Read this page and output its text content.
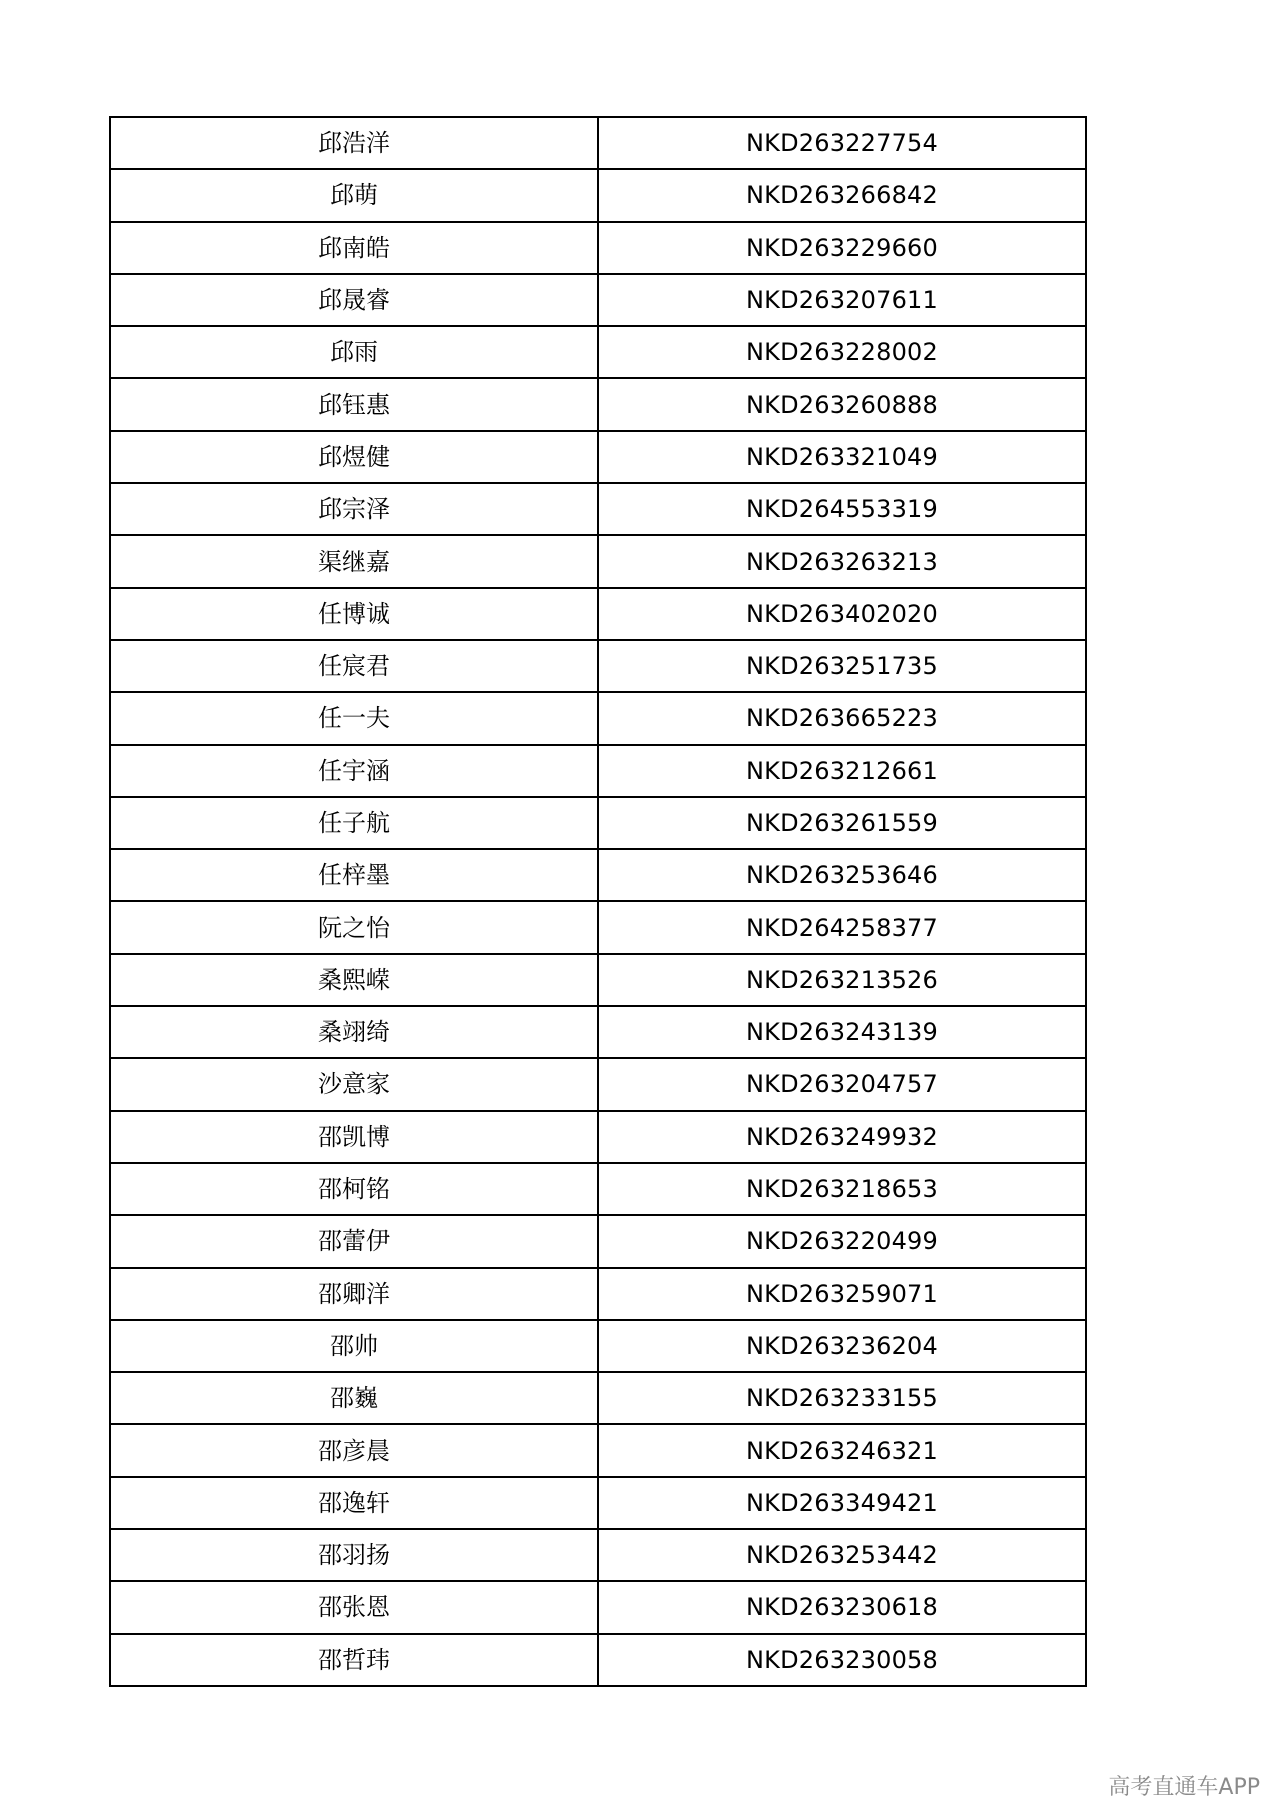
邱浩洋	NKD263227754
邱萌	NKD263266842
邱南皓	NKD263229660
邱晟睿	NKD263207611
邱雨	NKD263228002
邱钰惠	NKD263260888
邱煜健	NKD263321049
邱宗泽	NKD264553319
渠继嘉	NKD263263213
任博诚	NKD263402020
任宸君	NKD263251735
任一夫	NKD263665223
任宇涵	NKD263212661
任子航	NKD263261559
任梓墨	NKD263253646
阮之怡	NKD264258377
桑熙嵘	NKD263213526
桑翊绮	NKD263243139
沙意家	NKD263204757
邵凯博	NKD263249932
邵柯铭	NKD263218653
邵蕾伊	NKD263220499
邵卿洋	NKD263259071
邵帅	NKD263236204
邵巍	NKD263233155
邵彦晨	NKD263246321
邵逸轩	NKD263349421
邵羽扬	NKD263253442
邵张恩	NKD263230618
邵哲玮	NKD263230058
高考直通车APP
